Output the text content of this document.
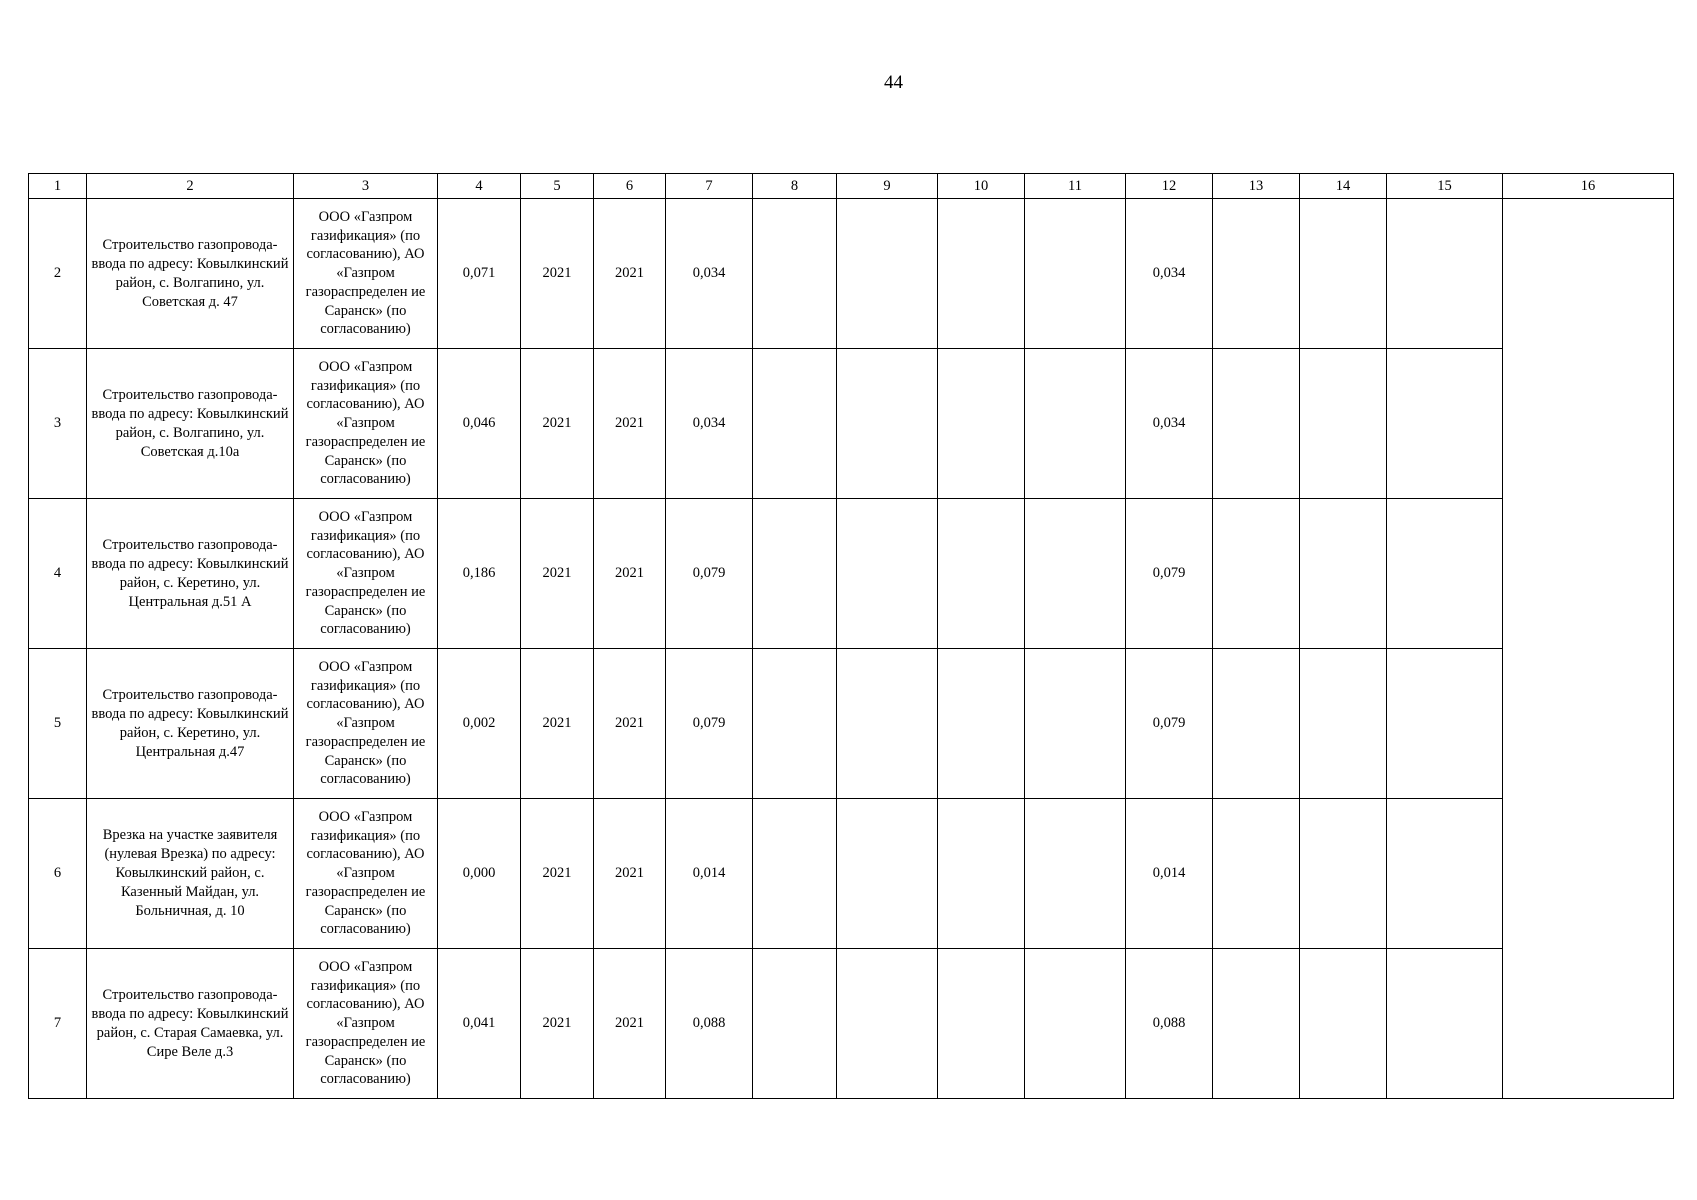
44
1	2	3	4	5	6	7	8	9	10	11	12	13	14	15	16
2	Строительство газопровода-ввода по адресу: Ковылкинский район, с. Волгапино, ул. Советская д. 47	ООО «Газпром газификация» (по согласованию), АО «Газпром газораспределен ие Саранск» (по согласованию)	0,071	2021	2021	0,034					0,034				
3	Строительство газопровода-ввода по адресу: Ковылкинский район, с. Волгапино, ул. Советская д.10а	ООО «Газпром газификация» (по согласованию), АО «Газпром газораспределен ие Саранск» (по согласованию)	0,046	2021	2021	0,034					0,034				
4	Строительство газопровода-ввода по адресу: Ковылкинский район, с. Керетино, ул. Центральная д.51 А	ООО «Газпром газификация» (по согласованию), АО «Газпром газораспределен ие Саранск» (по согласованию)	0,186	2021	2021	0,079					0,079				
5	Строительство газопровода-ввода по адресу: Ковылкинский район, с. Керетино, ул. Центральная д.47	ООО «Газпром газификация» (по согласованию), АО «Газпром газораспределен ие Саранск» (по согласованию)	0,002	2021	2021	0,079					0,079				
6	Врезка на участке заявителя (нулевая Врезка) по адресу: Ковылкинский район, с. Казенный Майдан, ул. Больничная, д. 10	ООО «Газпром газификация» (по согласованию), АО «Газпром газораспределен ие Саранск» (по согласованию)	0,000	2021	2021	0,014					0,014				
7	Строительство газопровода-ввода по адресу: Ковылкинский район, с. Старая Самаевка, ул. Сире Веле д.3	ООО «Газпром газификация» (по согласованию), АО «Газпром газораспределен ие Саранск» (по согласованию)	0,041	2021	2021	0,088					0,088				
